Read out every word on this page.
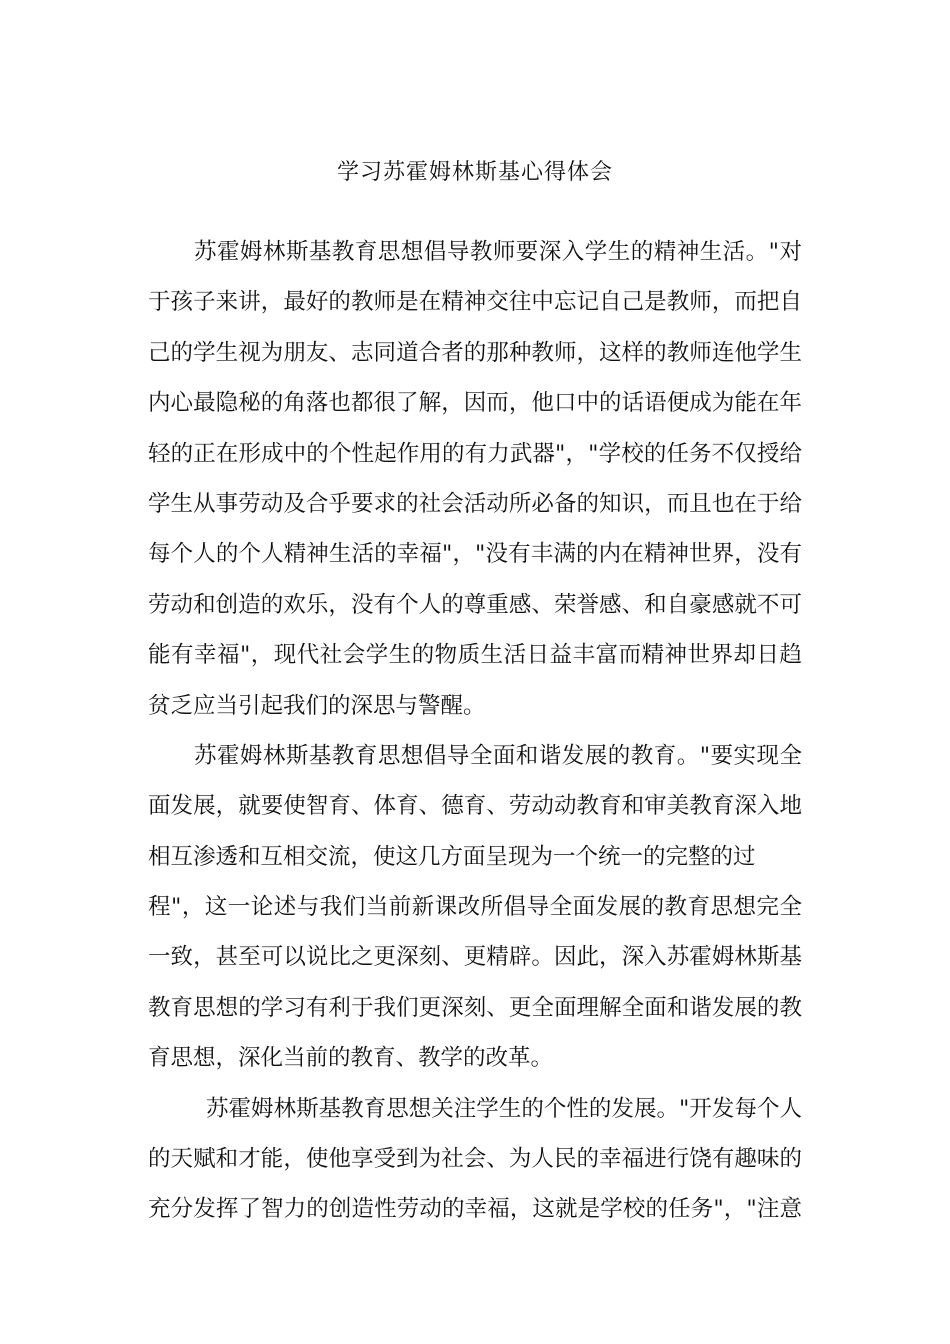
学习苏霍姆林斯基心得体会
苏霍姆林斯基教育思想倡导教师要深入学生的精神生活。"对
于孩子来讲，最好的教师是在精神交往中忘记自己是教师，而把自
己的学生视为朋友、志同道合者的那种教师，这样的教师连他学生
内心最隐秘的角落也都很了解，因而，他口中的话语便成为能在年
轻的正在形成中的个性起作用的有力武器"，"学校的任务不仅授给
学生从事劳动及合乎要求的社会活动所必备的知识，而且也在于给
每个人的个人精神生活的幸福"，"没有丰满的内在精神世界，没有
劳动和创造的欢乐，没有个人的尊重感、荣誉感、和自豪感就不可
能有幸福"，现代社会学生的物质生活日益丰富而精神世界却日趋
贫乏应当引起我们的深思与警醒。
苏霍姆林斯基教育思想倡导全面和谐发展的教育。"要实现全
面发展，就要使智育、体育、德育、劳动动教育和审美教育深入地
相互渗透和互相交流，使这几方面呈现为一个统一的完整的过
程"，这一论述与我们当前新课改所倡导全面发展的教育思想完全
一致，甚至可以说比之更深刻、更精辟。因此，深入苏霍姆林斯基
教育思想的学习有利于我们更深刻、更全面理解全面和谐发展的教
育思想，深化当前的教育、教学的改革。
苏霍姆林斯基教育思想关注学生的个性的发展。"开发每个人
的天赋和才能，使他享受到为社会、为人民的幸福进行饶有趣味的
充分发挥了智力的创造性劳动的幸福，这就是学校的任务"，"注意
